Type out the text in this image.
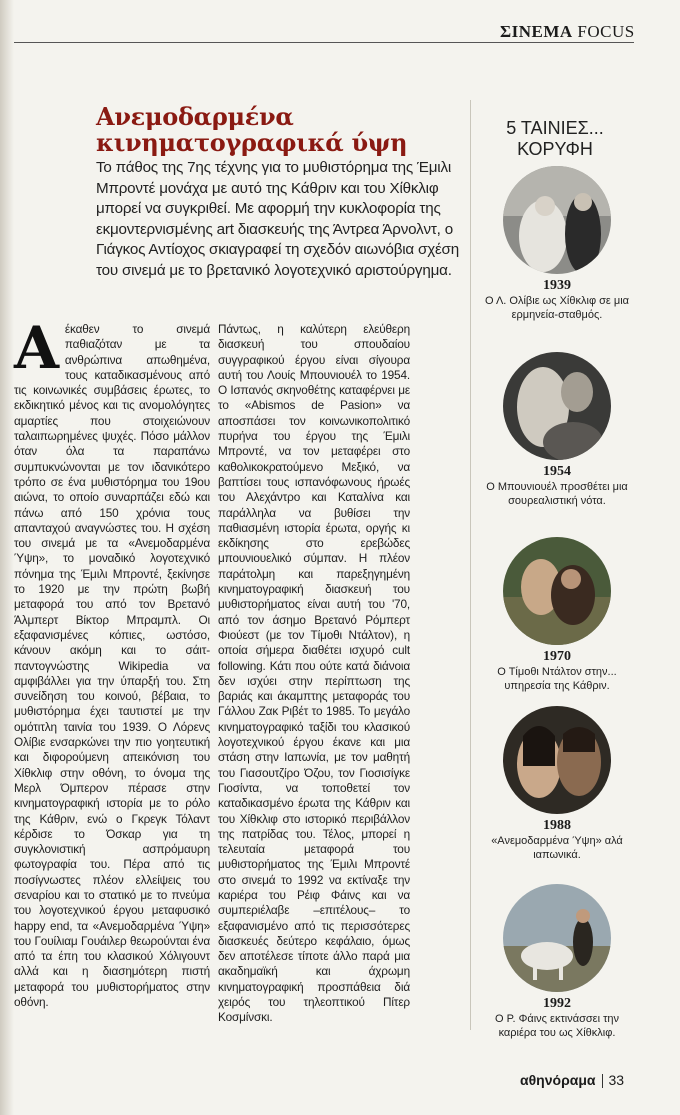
ΣΙΝΕΜΑ FOCUS
Ανεμοδαρμένα κινηματογραφικά ύψη
Το πάθος της 7ης τέχνης για το μυθιστόρημα της Έμιλι Μπροντέ μονάχα με αυτό της Κάθριν και του Χίθκλιφ μπορεί να συγκριθεί. Με αφορμή την κυκλοφορία της εκμοντερνισμένης art διασκευής της Άντρεα Άρνολντ, ο Γιάγκος Αντίοχος σκιαγραφεί τη σχεδόν αιωνόβια σχέση του σινεμά με το βρετανικό λογοτεχνικό αριστούργημα.
Αέκαθεν το σινεμά παθιαζόταν με τα ανθρώπινα απωθημένα, τους καταδικασμένους από τις κοινωνικές συμβάσεις έρωτες, το εκδικητικό μένος και τις ανομολόγητες αμαρτίες που στοιχειώνουν ταλαιπωρημένες ψυχές. Πόσο μάλλον όταν όλα τα παραπάνω συμπυκνώνονται με τον ιδανικότερο τρόπο σε ένα μυθιστόρημα του 19ου αιώνα, το οποίο συναρπάζει εδώ και πάνω από 150 χρόνια τους απανταχού αναγνώστες του. Η σχέση του σινεμά με τα «Ανεμοδαρμένα Ύψη», το μοναδικό λογοτεχνικό πόνημα της Έμιλι Μπροντέ, ξεκίνησε το 1920 με την πρώτη βωβή μεταφορά του από τον Βρετανό Άλμπερτ Βίκτορ Μπραμπλ. Οι εξαφανισμένες κόπιες, ωστόσο, κάνουν ακόμη και το σάιτ-παντογνώστης Wikipedia να αμφιβάλλει για την ύπαρξή του. Στη συνείδηση του κοινού, βέβαια, το μυθιστόρημα έχει ταυτιστεί με την ομότιτλη ταινία του 1939. Ο Λόρενς Ολίβιε ενσαρκώνει την πιο γοητευτική και διφορούμενη απεικόνιση του Χίθκλιφ στην οθόνη, το όνομα της Μερλ Όμπερον πέρασε στην κινηματογραφική ιστορία με το ρόλο της Κάθριν, ενώ ο Γκρεγκ Τόλαντ κέρδισε το Όσκαρ για τη συγκλονιστική ασπρόμαυρη φωτογραφία του. Πέρα από τις ποσίγνωστες πλέον ελλείψεις του σεναρίου και το στατικό με το πνεύμα του λογοτεχνικού έργου μεταφυσικό happy end, τα «Ανεμοδαρμένα Ύψη» του Γουίλιαμ Γουάιλερ θεωρούνται ένα από τα έπη του κλασικού Χόλιγουντ αλλά και η διασημότερη πιστή μεταφορά του μυθιστορήματος στην οθόνη.
Πάντως, η καλύτερη ελεύθερη διασκευή του σπουδαίου συγγραφικού έργου είναι σίγουρα αυτή του Λουίς Μπουνιουέλ το 1954. Ο Ισπανός σκηνοθέτης καταφέρνει με το «Abismos de Pasion» να αποσπάσει τον κοινωνικοπολιτικό πυρήνα του έργου της Έμιλι Μπροντέ, να τον μεταφέρει στο καθολικοκρατούμενο Μεξικό, να βαπτίσει τους ισπανόφωνους ήρωές του Αλεχάντρο και Καταλίνα και παράλληλα να βυθίσει την παθιασμένη ιστορία έρωτα, οργής κι εκδίκησης στο ερεβώδες μπουνιουελικό σύμπαν. Η πλέον παράτολμη και παρεξηγημένη κινηματογραφική διασκευή του μυθιστορήματος είναι αυτή του '70, από τον άσημο Βρετανό Ρόμπερτ Φιούεστ (με τον Τίμοθι Ντάλτον), η οποία σήμερα διαθέτει ισχυρό cult following. Κάτι που ούτε κατά διάνοια δεν ισχύει στην περίπτωση της βαριάς και άκαμπτης μεταφοράς του Γάλλου Ζακ Ριβέτ το 1985. Το μεγάλο κινηματογραφικό ταξίδι του κλασικού λογοτεχνικού έργου έκανε και μια στάση στην Ιαπωνία, με τον μαθητή του Γιασουτζίρο Όζου, τον Γιοσισίγκε Γιοσίντα, να τοποθετεί τον καταδικασμένο έρωτα της Κάθριν και του Χίθκλιφ στο ιστορικό περιβάλλον της πατρίδας του. Τέλος, μπορεί η τελευταία μεταφορά του μυθιστορήματος της Έμιλι Μπροντέ στο σινεμά το 1992 να εκτίναξε την καριέρα του Ρέιφ Φάινς και να συμπεριέλαβε –επιτέλους– το εξαφανισμένο από τις περισσότερες διασκευές δεύτερο κεφάλαιο, όμως δεν αποτέλεσε τίποτε άλλο παρά μια ακαδημαϊκή και άχρωμη κινηματογραφική προσπάθεια διά χειρός του τηλεοπτικού Πίτερ Κοσμίνσκι.
5 ΤΑΙΝΙΕΣ... ΚΟΡΥΦΗ
1939
Ο Λ. Ολίβιε ως Χίθκλιφ σε μια ερμηνεία-σταθμός.
1954
Ο Μπουνιουέλ προσθέτει μια σουρεαλιστική νότα.
1970
Ο Τίμοθι Ντάλτον στην... υπηρεσία της Κάθριν.
1988
«Ανεμοδαρμένα Ύψη» αλά ιαπωνικά.
1992
Ο Ρ. Φάινς εκτινάσσει την καριέρα του ως Χίθκλιφ.
αθηνόραμα 33
